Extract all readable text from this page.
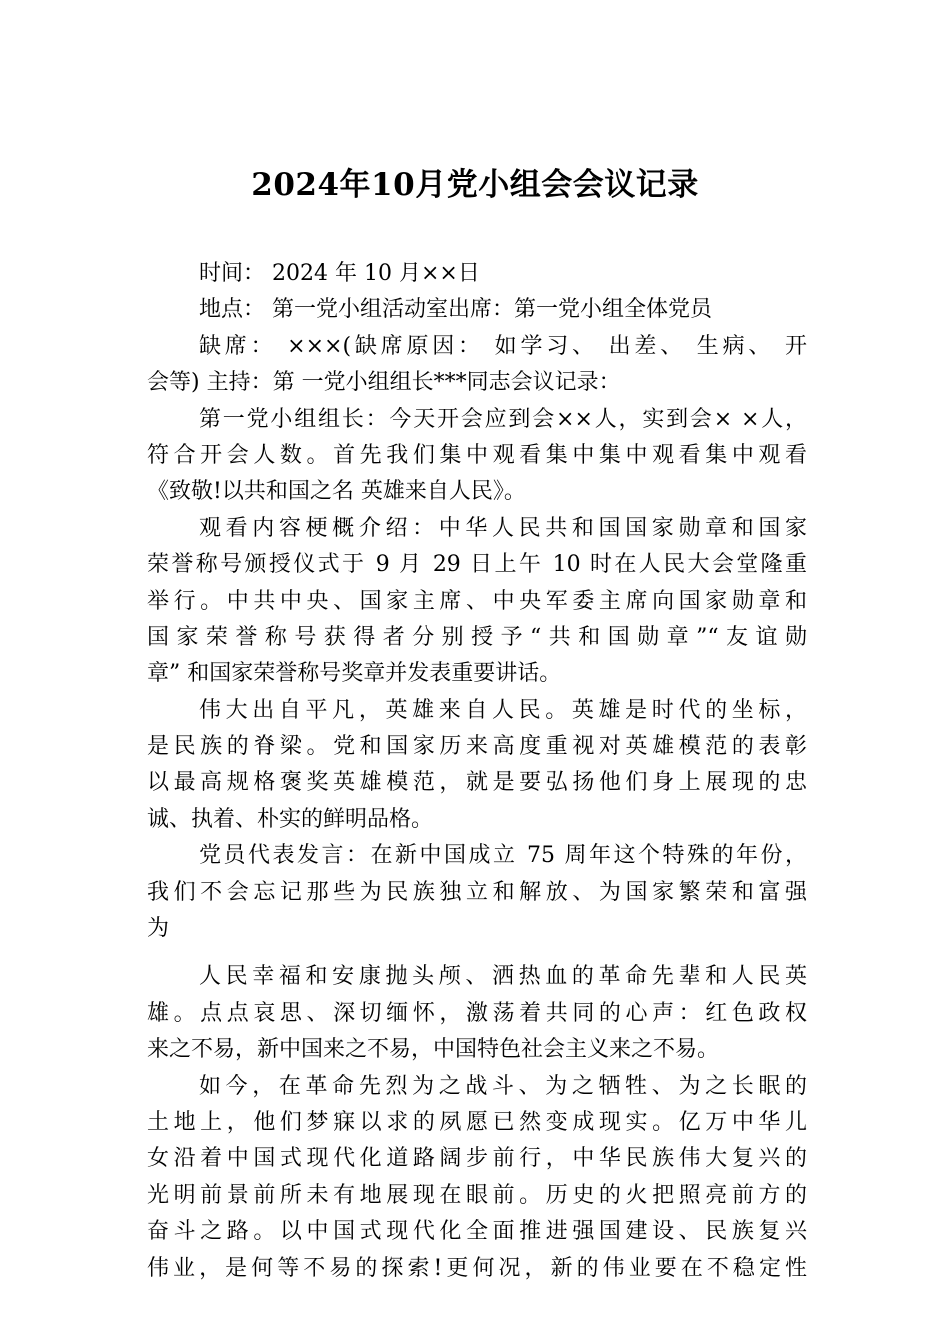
2024年10月党小组会会议记录
时间： 2024 年 10 月××日
地点： 第一党小组活动室出席：第一党小组全体党员
缺席： ×××(缺席原因： 如学习、 出差、 生病、 开
会等) 主持：第 一党小组组长***同志会议记录：
第一党小组组长：今天开会应到会××人，实到会× ×人，
符合开会人数。首先我们集中观看集中集中观看集中观看
《致敬!以共和国之名 英雄来自人民》。
观看内容梗概介绍：中华人民共和国国家勋章和国家
荣誉称号颁授仪式于 9 月 29 日上午 10 时在人民大会堂隆重
举行。中共中央、国家主席、中央军委主席向国家勋章和
国家荣誉称号获得者分别授予“共和国勋章”“友谊勋
章” 和国家荣誉称号奖章并发表重要讲话。
伟大出自平凡，英雄来自人民。英雄是时代的坐标，
是民族的脊梁。党和国家历来高度重视对英雄模范的表彰
以最高规格褒奖英雄模范，就是要弘扬他们身上展现的忠
诚、执着、朴实的鲜明品格。
党员代表发言：在新中国成立 75 周年这个特殊的年份，
我们不会忘记那些为民族独立和解放、为国家繁荣和富强
为
人民幸福和安康抛头颅、洒热血的革命先辈和人民英
雄。点点哀思、深切缅怀，激荡着共同的心声：红色政权
来之不易，新中国来之不易，中国特色社会主义来之不易。
如今，在革命先烈为之战斗、为之牺牲、为之长眠的
土地上，他们梦寐以求的夙愿已然变成现实。亿万中华儿
女沿着中国式现代化道路阔步前行，中华民族伟大复兴的
光明前景前所未有地展现在眼前。历史的火把照亮前方的
奋斗之路。以中国式现代化全面推进强国建设、民族复兴
伟业，是何等不易的探索!更何况，新的伟业要在不稳定性
